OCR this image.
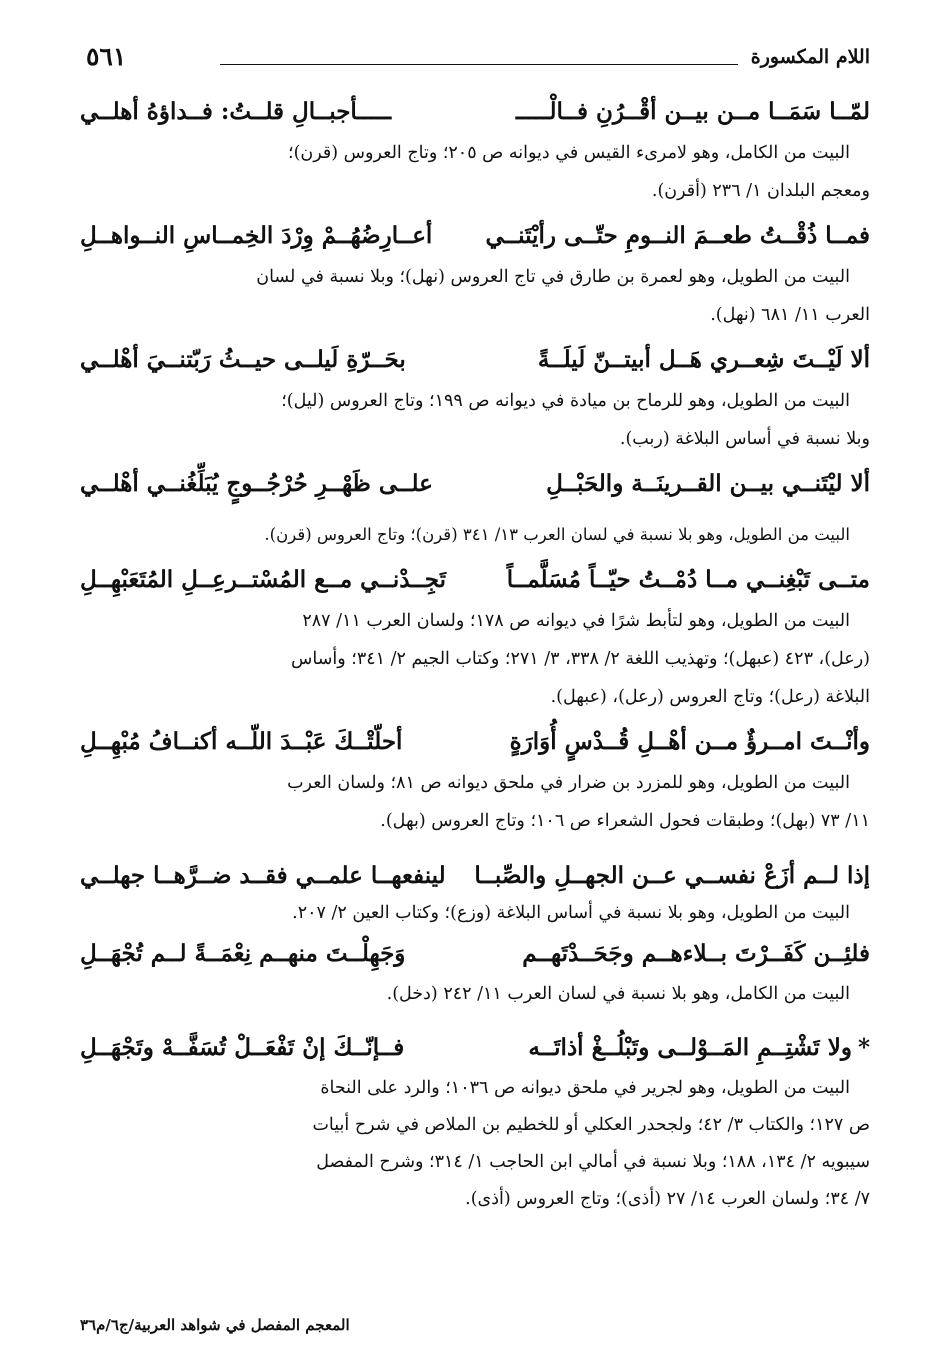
اللام المكسورة
٥٦١
لمّــا سَمَــا مــن بيــن أقْــرُنِ فــالْـــــ
ـــــأجبــالِ قلــتُ: فــداؤهُ أهلــي

البيت من الكامل، وهو لامرىء القيس في ديوانه ص ٢٠٥؛ وتاج العروس (قرن)؛

ومعجم البلدان ١/ ٢٣٦ (أقرن).

فمــا ذُقْــتُ طعــمَ النــومِ حتّــى رأيْتَنــي
أعــارِضُهُــمْ وِرْدَ الخِمــاسِ النــواهــلِ

البيت من الطويل، وهو لعمرة بن طارق في تاج العروس (نهل)؛ وبلا نسبة في لسان

العرب ١١/ ٦٨١ (نهل).

ألا لَيْــتَ شِعــري هَــل أبيتــنّ لَيلَــةً
بحَــرّةِ لَيلــى حيــثُ رَبّتنــيَ أهْلــي

البيت من الطويل، وهو للرماح بن ميادة في ديوانه ص ١٩٩؛ وتاج العروس (ليل)؛

وبلا نسبة في أساس البلاغة (ربب).

ألا ليْتَنــي بيــن القــرينَــة والحَبْــلِ
علــى ظَهْــرِ حُرْجُــوجٍ يُبَلِّغُنــي أهْلــي

البيت من الطويل، وهو بلا نسبة في لسان العرب ١٣/ ٣٤١ (قرن)؛ وتاج العروس (قرن).

متــى تَبْغِنــي مــا دُمْــتُ حيّــاً مُسَلَّمــاً
تَجِــدْنــي مــع المُسْتــرعِــلِ المُتَعَبْهِــلِ

البيت من الطويل، وهو لتأبط شرًا في ديوانه ص ١٧٨؛ ولسان العرب ١١/ ٢٨٧

(رعل)، ٤٢٣ (عبهل)؛ وتهذيب اللغة ٢/ ٣٣٨، ٣/ ٢٧١؛ وكتاب الجيم ٢/ ٣٤١؛ وأساس

البلاغة (رعل)؛ وتاج العروس (رعل)، (عبهل).

وأنْــتَ امــرؤٌ مــن أهْــلِ قُــدْسٍ أُوَارَةٍ
أحلّتْــكَ عَبْــدَ اللّــه أكنــافُ مُبْهِــلِ

البيت من الطويل، وهو للمزرد بن ضرار في ملحق ديوانه ص ٨١؛ ولسان العرب

١١/ ٧٣ (بهل)؛ وطبقات فحول الشعراء ص ١٠٦؛ وتاج العروس (بهل).

إذا لــم أزَعْ نفســي عــن الجهــلِ والصِّبــا
لينفعهــا علمــي فقــد ضــرَّهــا جهلــي

البيت من الطويل، وهو بلا نسبة في أساس البلاغة (وزع)؛ وكتاب العين ٢/ ٢٠٧.

فلئِــن كَفَــرْتَ بــلاءهــم وجَحَــدْتَهــم
وَجَهِلْــتَ منهــم نِعْمَــةً لــم تُجْهَــلِ

البيت من الكامل، وهو بلا نسبة في لسان العرب ١١/ ٢٤٢ (دخل).

*ولا تَشْتِــمِ المَــوْلــى وتَبْلُــغْ أذاتَــه
فــإنّــكَ إنْ تَفْعَــلْ تُسَفَّــهْ وتَجْهَــلِ

البيت من الطويل، وهو لجرير في ملحق ديوانه ص ١٠٣٦؛ والرد على النحاة

ص ١٢٧؛ والكتاب ٣/ ٤٢؛ ولجحدر العكلي أو للخطيم بن الملاص في شرح أبيات

سيبويه ٢/ ١٣٤، ١٨٨؛ وبلا نسبة في أمالي ابن الحاجب ١/ ٣١٤؛ وشرح المفصل

٧/ ٣٤؛ ولسان العرب ١٤/ ٢٧ (أذى)؛ وتاج العروس (أذى).

المعجم المفصل في شواهد العربية/ج٦/م٣٦
